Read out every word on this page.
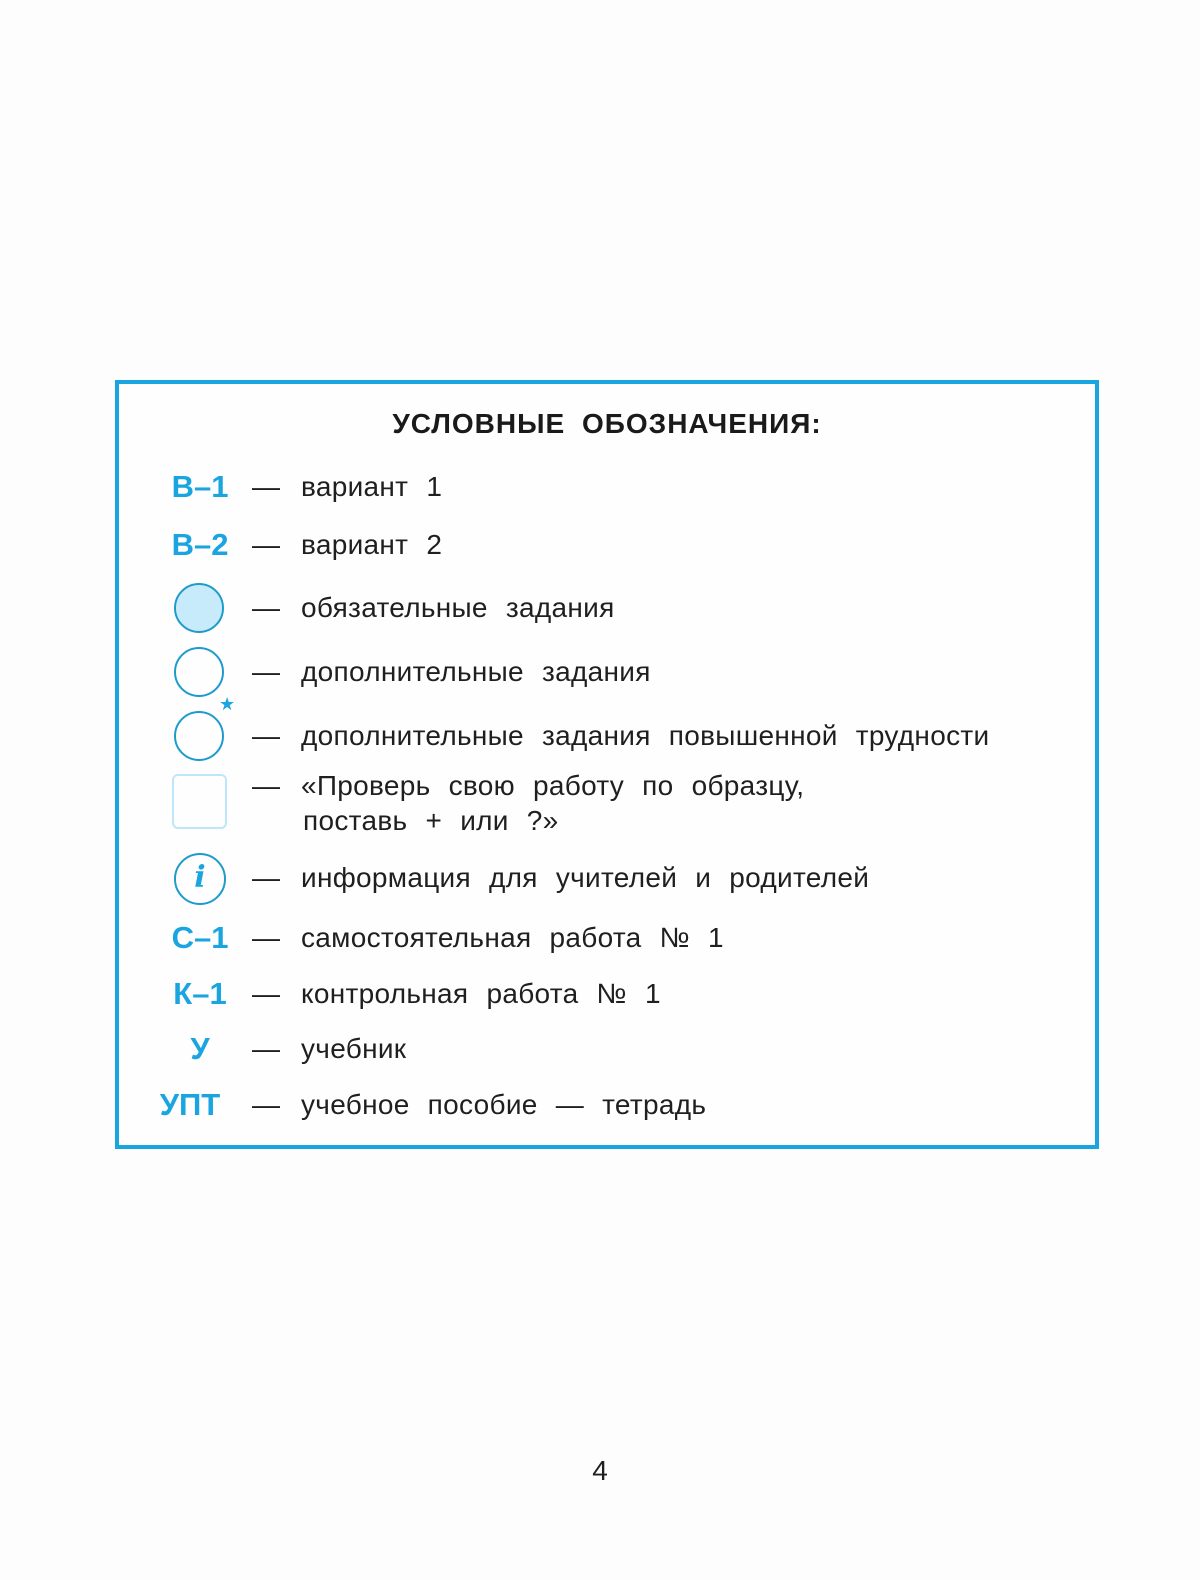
УСЛОВНЫЕ ОБОЗНАЧЕНИЯ:
В–1 — вариант 1
В–2 — вариант 2
— обязательные задания
— дополнительные задания
★
— дополнительные задания повышенной трудности
— «Проверь свою работу по образцу,
поставь + или ?»
i	— информация для учителей и родителей
С–1 — самостоятельная работа № 1
К–1 — контрольная работа № 1
У	— учебник
УПТ	— учебное пособие — тетрадь
4
